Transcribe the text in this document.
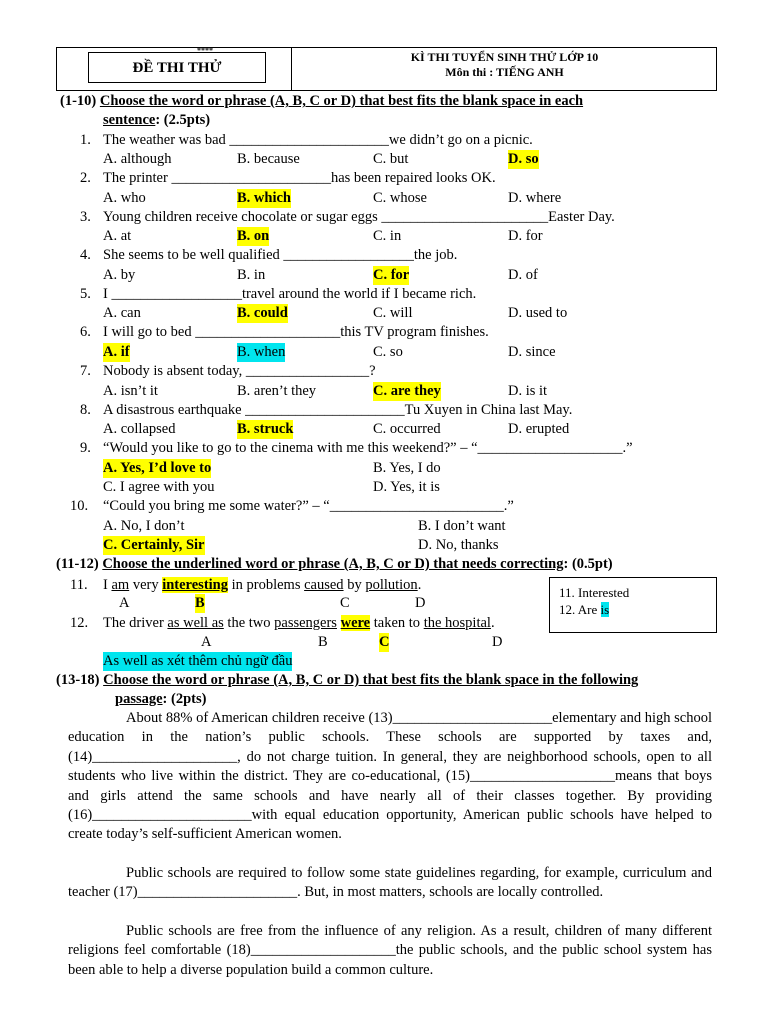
****
ĐỀ THI THỬ
KÌ THI TUYỂN SINH THỬ LỚP 10
Môn thi : TIẾNG ANH
(1-10) Choose the word or phrase (A, B, C or D) that best fits the blank space in each
sentence: (2.5pts)
1. The weather was bad ______________________we didn’t go on a picnic.
A. although	B. because	C. but	D. so
2. The printer ______________________has been repaired looks OK.
A. who	B. which	C. whose	D. where
3. Young children receive chocolate or sugar eggs _______________________Easter Day.
A. at	B. on	C. in	D. for
4. She seems to be well qualified __________________the job.
A. by	B. in	C. for	D. of
5. I __________________travel around the world if I became rich.
A. can	B. could	C. will	D. used to
6. I will go to bed ____________________this TV program finishes.
A. if	B. when	C. so	D. since
7. Nobody is absent today, _________________?
A. isn’t it	B. aren’t they	C. are they	D. is it
8. A disastrous earthquake ______________________Tu Xuyen in China last May.
A. collapsed	B. struck	C. occurred	D. erupted
9. “Would you like to go to the cinema with me this weekend?” – “____________________.”
A. Yes, I’d love to	B. Yes, I do
C. I agree with you	D. Yes, it is
10. “Could you bring me some water?” – “________________________.”
A. No, I don’t	B. I don’t want
C. Certainly, Sir	D. No, thanks
(11-12) Choose the underlined word or phrase (A, B, C or D) that needs correcting: (0.5pt)
11. I am very interesting in problems caused by pollution.
A	B	C	D
11. Interested
12. Are is
12. The driver as well as the two passengers were taken to the hospital.
A	B	C	D
As well as xét thêm chủ ngữ đầu
(13-18) Choose the word or phrase (A, B, C or D) that best fits the blank space in the following
passage: (2pts)
About 88% of American children receive (13)______________________elementary and high school education in the nation’s public schools. These schools are supported by taxes and, (14)____________________, do not charge tuition. In general, they are neighborhood schools, open to all students who live within the district. They are co-educational, (15)____________________means that boys and girls attend the same schools and have nearly all of their classes together. By providing (16)______________________with equal education opportunity, American public schools have helped to create today’s self-sufficient American women.
Public schools are required to follow some state guidelines regarding, for example, curriculum and teacher (17)______________________. But, in most matters, schools are locally controlled.
Public schools are free from the influence of any religion. As a result, children of many different religions feel comfortable (18)____________________the public schools, and the public school system has been able to help a diverse population build a common culture.
